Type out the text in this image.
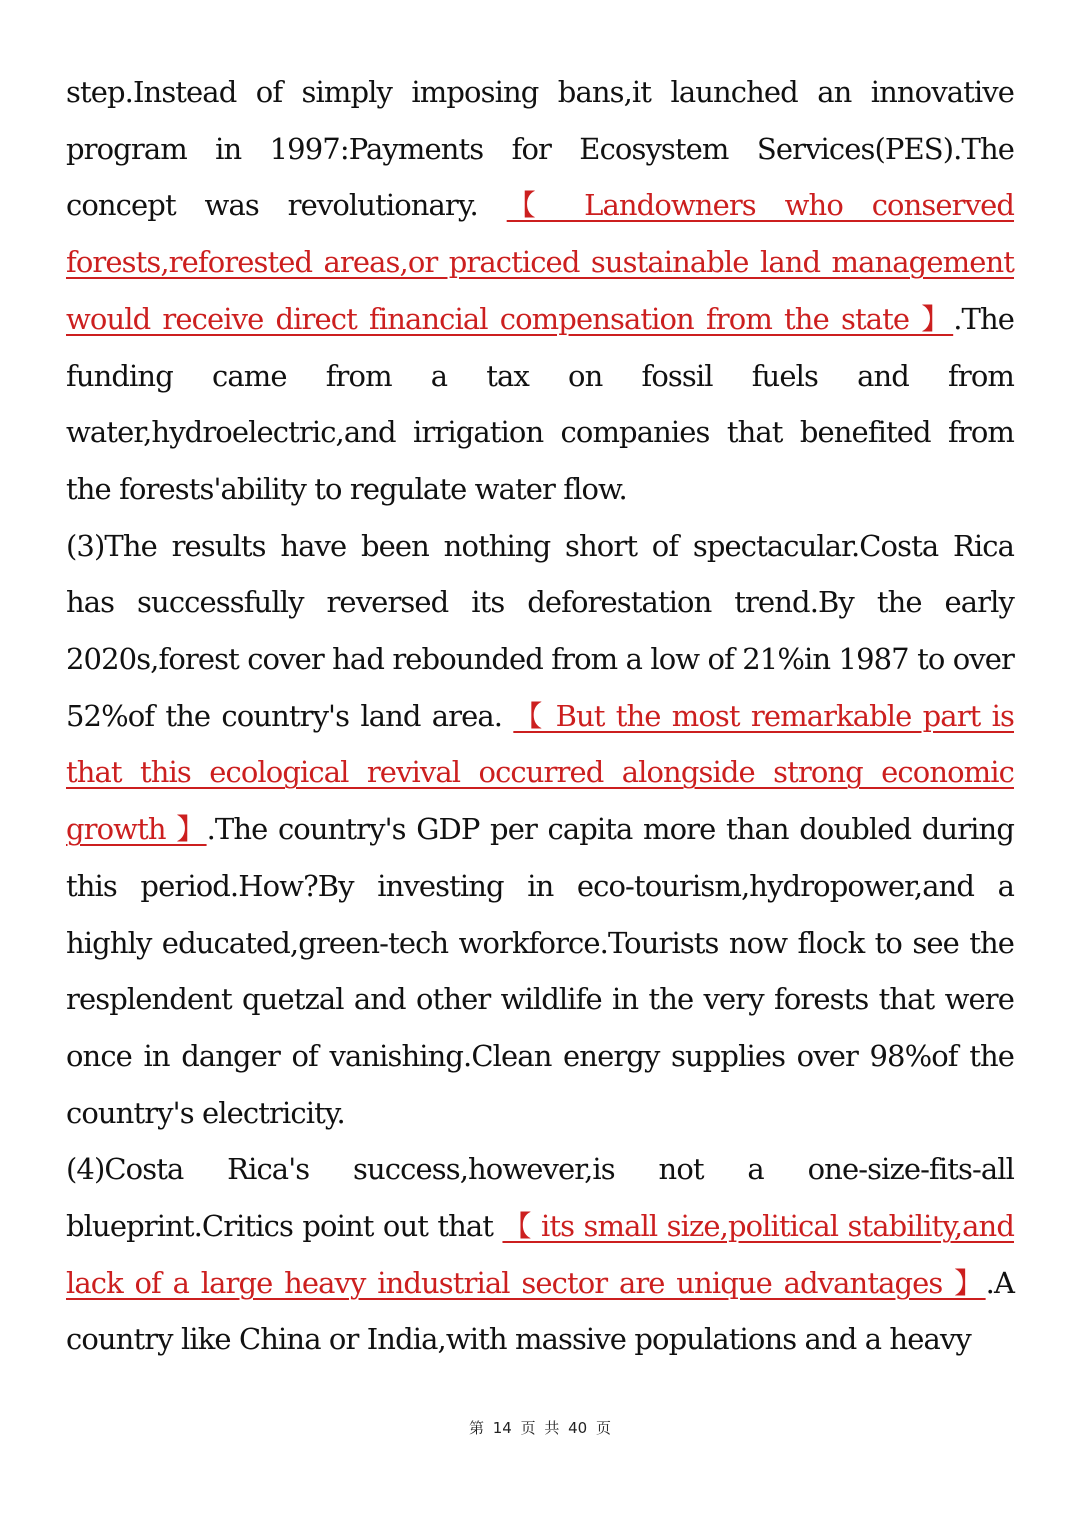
step.Instead of simply imposing bans,it launched an innovative program in 1997:Payments for Ecosystem Services(PES).The concept was revolutionary. 【 Landowners who conserved forests,reforested areas,or practiced sustainable land management would receive direct financial compensation from the state 】.The funding came from a tax on fossil fuels and from water,hydroelectric,and irrigation companies that benefited from the forests'ability to regulate water flow.

(3)The results have been nothing short of spectacular.Costa Rica has successfully reversed its deforestation trend.By the early 2020s,forest cover had rebounded from a low of 21%in 1987 to over 52%of the country's land area. 【 But the most remarkable part is that this ecological revival occurred alongside strong economic growth 】.The country's GDP per capita more than doubled during this period.How?By investing in eco-tourism,hydropower,and a highly educated,green-tech workforce.Tourists now flock to see the resplendent quetzal and other wildlife in the very forests that were once in danger of vanishing.Clean energy supplies over 98%of the country's electricity.

(4)Costa Rica's success,however,is not a one-size-fits-all blueprint.Critics point out that 【 its small size,political stability,and lack of a large heavy industrial sector are unique advantages 】.A country like China or India,with massive populations and a heavy

第 14 页 共 40 页
